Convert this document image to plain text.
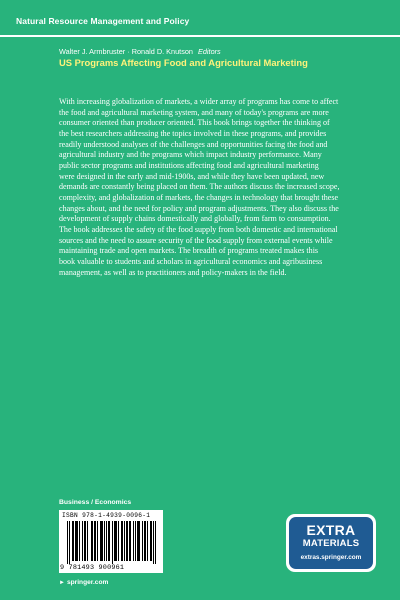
Natural Resource Management and Policy
Walter J. Armbruster · Ronald D. Knutson Editors
US Programs Affecting Food and Agricultural Marketing

With increasing globalization of markets, a wider array of programs has come to affect
the food and agricultural marketing system, and many of today's programs are more
consumer oriented than producer oriented. This book brings together the thinking of
the best researchers addressing the topics involved in these programs, and provides
readily understood analyses of the challenges and opportunities facing the food and
agricultural industry and the programs which impact industry performance. Many
public sector programs and institutions affecting food and agricultural marketing
were designed in the early and mid-1900s, and while they have been updated, new
demands are constantly being placed on them. The authors discuss the increased scope,
complexity, and globalization of markets, the changes in technology that brought these
changes about, and the need for policy and program adjustments. They also discuss the
development of supply chains domestically and globally, from farm to consumption.
The book addresses the safety of the food supply from both domestic and international
sources and the need to assure security of the food supply from external events while
maintaining trade and open markets. The breadth of programs treated makes this
book valuable to students and scholars in agricultural economics and agribusiness
management, as well as to practitioners and policy-makers in the field.

Business / Economics
ISBN 978-1-4939-0096-1
9 781493 900961
► springer.com
EXTRA
MATERIALS
extras.springer.com
